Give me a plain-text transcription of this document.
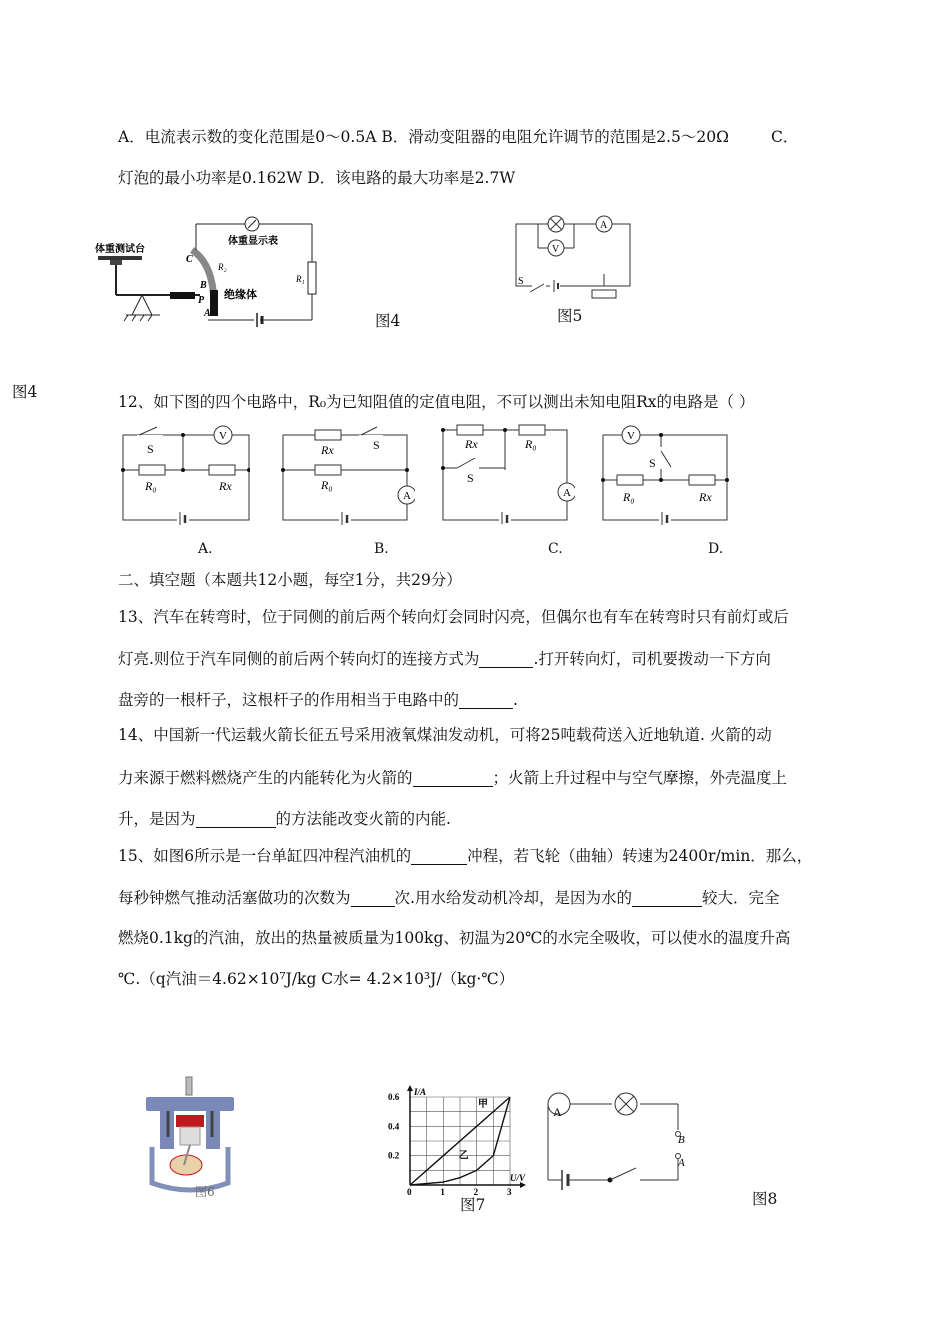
A．电流表示数的变化范围是0～0.5A B．滑动变阻器的电阻允许调节的范围是2.5～20Ω	C．
灯泡的最小功率是0.162W D．该电路的最大功率是2.7W
体重测试台
体重显示表
R₁
C
R₂
B
P
A
绝缘体
图4
A
V
S
图5
图4
12、如下图的四个电路中，R₀为已知阻值的定值电阻，不可以测出未知电阻Rx的电路是（ ）
S
V
R₀	Rx
Rx	S
R₀
A
Rx	R₀
S
A
V
S
R₀	Rx
A.	B.	C.	D.
二、填空题（本题共12小题，每空1分，共29分）
13、汽车在转弯时，位于同侧的前后两个转向灯会同时闪亮，但偶尔也有车在转弯时只有前灯或后
灯亮.则位于汽车同侧的前后两个转向灯的连接方式为	.打开转向灯，司机要拨动一下方向
盘旁的一根杆子，这根杆子的作用相当于电路中的	.
14、中国新一代运载火箭长征五号采用液氧煤油发动机，可将25吨载荷送入近地轨道. 火箭的动
力来源于燃料燃烧产生的内能转化为火箭的	；火箭上升过程中与空气摩擦，外壳温度上
升，是因为	的方法能改变火箭的内能.
15、如图6所示是一台单缸四冲程汽油机的	冲程，若飞轮（曲轴）转速为2400r/min．那么，
每秒钟燃气推动活塞做功的次数为	次.用水给发动机冷却，是因为水的	较大．完全
燃烧0.1kg的汽油，放出的热量被质量为100kg、初温为20℃的水完全吸收，可以使水的温度升高
℃.（q汽油＝4.62×10⁷J/kg C水= 4.2×10³J/（kg·℃）
图6
I/A
U/V
0	1	2	3
0.2
0.4
0.6
甲
乙
图7
A
B
A
图8
